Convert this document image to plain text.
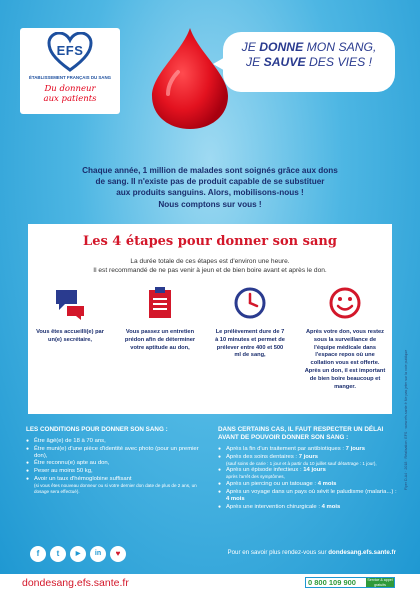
EFS
ÉTABLISSEMENT FRANÇAIS DU SANG
Du donneur
aux patients
JE DONNE MON SANG,
JE SAUVE DES VIES !
Flyer D-A4 · 2018 · Réalisation: EFS · www.efs.sante.fr Ne pas jeter sur la voie publique
Chaque année, 1 million de malades sont soignés grâce aux dons
de sang. Il n'existe pas de produit capable de se substituer
aux produits sanguins. Alors, mobilisons-nous !
Nous comptons sur vous !
Les 4 étapes pour donner son sang
La durée totale de ces étapes est d'environ une heure.
Il est recommandé de ne pas venir à jeun et de bien boire avant et après le don.
Vous êtes accueilli(e) par un(e) secrétaire,
Vous passez un entretien prédon afin de déterminer votre aptitude au don,
Le prélèvement dure de 7 à 10 minutes et permet de prélever entre 400 et 500 ml de sang,
Après votre don, vous restez sous la surveillance de l'équipe médicale dans l'espace repos où une collation vous est offerte. Après un don, il est important de bien boire beaucoup et manger.
LES CONDITIONS POUR DONNER SON SANG :
● Être âgé(e) de 18 à 70 ans,
● Être muni(e) d'une pièce d'identité avec photo (pour un premier don),
● Être reconnu(e) apte au don,
● Peser au moins 50 kg,
● Avoir un taux d'hémoglobine suffisant
(si vous êtes nouveau donneur ou si votre dernier don date de plus de 2 ans, un dosage sera effectué).
DANS CERTAINS CAS, IL FAUT RESPECTER UN DÉLAI AVANT DE POUVOIR DONNER SON SANG :
● Après la fin d'un traitement par antibiotiques : 7 jours
● Après des soins dentaires : 7 jours
(sauf soins de carie : 1 jour et à partir du 10 juillet sauf détartrage : 1 jour),
● Après un épisode infectieux : 14 jours
après l'arrêt des symptômes,
● Après un piercing ou un tatouage : 4 mois
● Après un voyage dans un pays où sévit le paludisme (malaria...) : 4 mois
● Après une intervention chirurgicale : 4 mois
f	t	▶	in	♥	Pour en savoir plus rendez-vous sur dondesang.efs.sante.fr
dondesang.efs.sante.fr	0 800 109 900	Service & appel gratuits
